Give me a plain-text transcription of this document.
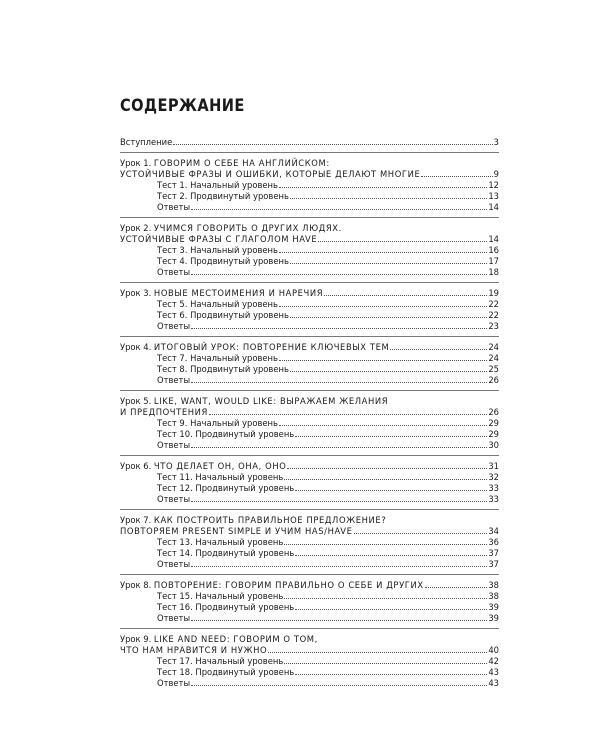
СОДЕРЖАНИЕ
Вступление	3
Урок 1. ГОВОРИМ О СЕБЕ НА АНГЛИЙСКОМ:
УСТОЙЧИВЫЕ ФРАЗЫ И ОШИБКИ, КОТОРЫЕ ДЕЛАЮТ МНОГИЕ	9
Тест 1. Начальный уровень	12
Тест 2. Продвинутый уровень	13
Ответы	14
Урок 2. УЧИМСЯ ГОВОРИТЬ О ДРУГИХ ЛЮДЯХ.
УСТОЙЧИВЫЕ ФРАЗЫ С ГЛАГОЛОМ HAVE	14
Тест 3. Начальный уровень	16
Тест 4. Продвинутый уровень	17
Ответы	18
Урок 3. НОВЫЕ МЕСТОИМЕНИЯ И НАРЕЧИЯ	19
Тест 5. Начальный уровень	22
Тест 6. Продвинутый уровень	22
Ответы	23
Урок 4. ИТОГОВЫЙ УРОК: ПОВТОРЕНИЕ КЛЮЧЕВЫХ ТЕМ	24
Тест 7. Начальный уровень	24
Тест 8. Продвинутый уровень	25
Ответы	26
Урок 5. LIKE, WANT, WOULD LIKE: ВЫРАЖАЕМ ЖЕЛАНИЯ
И ПРЕДПОЧТЕНИЯ	26
Тест 9. Начальный уровень	29
Тест 10. Продвинутый уровень	29
Ответы	30
Урок 6. ЧТО ДЕЛАЕТ ОН, ОНА, ОНО	31
Тест 11. Начальный уровень	32
Тест 12. Продвинутый уровень	33
Ответы	33
Урок 7. КАК ПОСТРОИТЬ ПРАВИЛЬНОЕ ПРЕДЛОЖЕНИЕ?
ПОВТОРЯЕМ PRESENT SIMPLE И УЧИМ HAS/HAVE	34
Тест 13. Начальный уровень	36
Тест 14. Продвинутый уровень	37
Ответы	37
Урок 8. ПОВТОРЕНИЕ: ГОВОРИМ ПРАВИЛЬНО О СЕБЕ И ДРУГИХ	38
Тест 15. Начальный уровень	38
Тест 16. Продвинутый уровень	39
Ответы	39
Урок 9. LIKE AND NEED: ГОВОРИМ О ТОМ,
ЧТО НАМ НРАВИТСЯ И НУЖНО	40
Тест 17. Начальный уровень	42
Тест 18. Продвинутый уровень	43
Ответы	43
